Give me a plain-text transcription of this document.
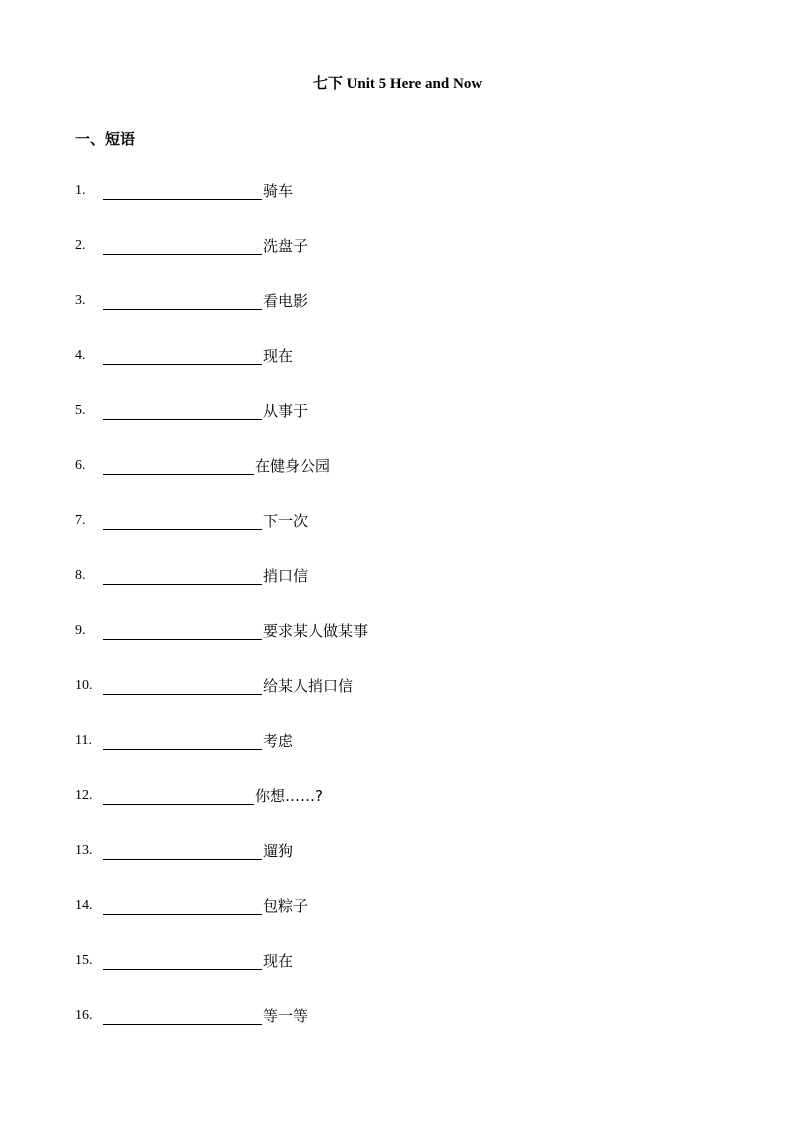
七下 Unit 5 Here and Now
一、短语
1.	骑车
2.	洗盘子
3.	看电影
4.	现在
5.	从事于
6.	在健身公园
7.	下一次
8.	捎口信
9.	要求某人做某事
10.	给某人捎口信
11.	考虑
12.	你想……?
13.	遛狗
14.	包粽子
15.	现在
16.	等一等
